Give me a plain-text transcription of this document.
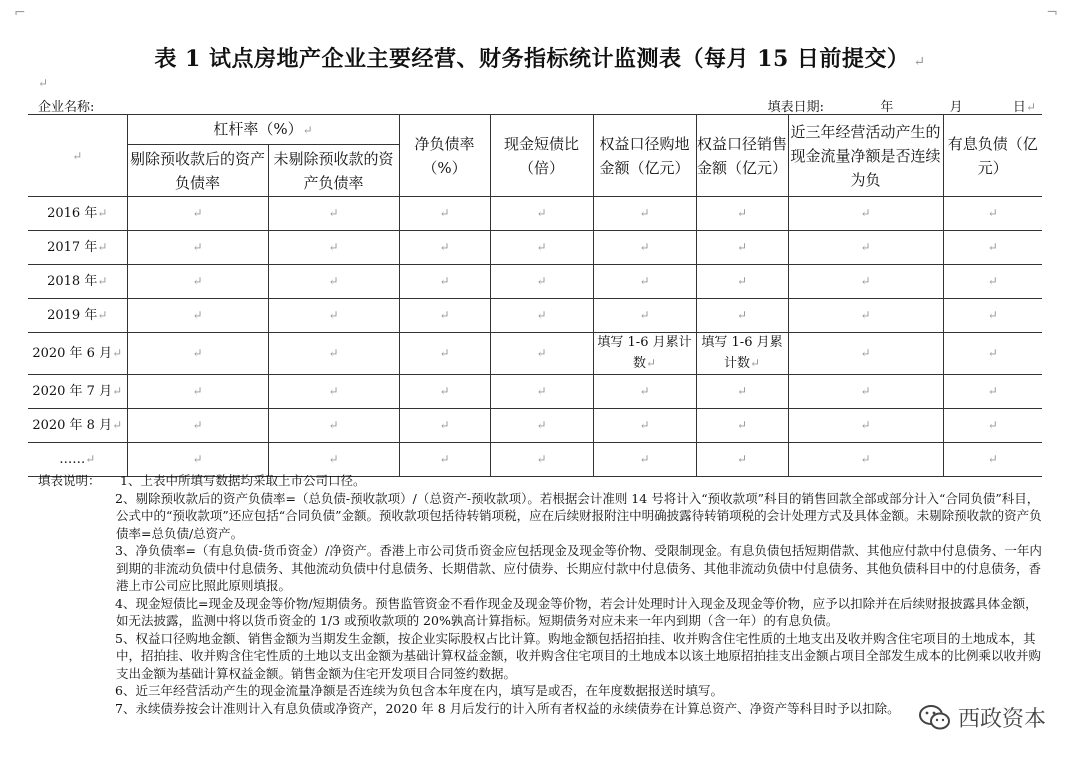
⌐	¬
表 1 试点房地产企业主要经营、财务指标统计监测表（每月 15 日前提交） ↵
↵
企业名称:	填表日期:	年	月	日↵
↵	杠杆率（%）↵		净负债率（%）	现金短债比（倍）	权益口径购地金额（亿元）	权益口径销售金额（亿元）	近三年经营活动产生的现金流量净额是否连续为负	有息负债（亿元）
	剔除预收款后的资产负债率	未剔除预收款的资产负债率						
2016 年↵	↵	↵	↵	↵	↵	↵	↵	↵
2017 年↵	↵	↵	↵	↵	↵	↵	↵	↵
2018 年↵	↵	↵	↵	↵	↵	↵	↵	↵
2019 年↵	↵	↵	↵	↵	↵	↵	↵	↵
2020 年 6 月↵	↵	↵	↵	↵	填写 1-6 月累计数↵	填写 1-6 月累计数↵	↵	↵
2020 年 7 月↵	↵	↵	↵	↵	↵	↵	↵	↵
2020 年 8 月↵	↵	↵	↵	↵	↵	↵	↵	↵
……↵	↵	↵	↵	↵	↵	↵	↵	↵
填表说明：	1、上表中所填写数据均采取上市公司口径。

2、剔除预收款后的资产负债率=（总负债-预收款项）/（总资产-预收款项）。若根据会计准则 14 号将计入“预收款项”科目的销售回款全部或部分计入“合同负债”科目，公式中的“预收款项”还应包括“合同负债”金额。预收款项包括待转销项税，应在后续财报附注中明确披露待转销项税的会计处理方式及具体金额。未剔除预收款的资产负债率=总负债/总资产。

3、净负债率=（有息负债-货币资金）/净资产。香港上市公司货币资金应包括现金及现金等价物、受限制现金。有息负债包括短期借款、其他应付款中付息债务、一年内到期的非流动负债中付息债务、其他流动负债中付息债务、长期借款、应付债券、长期应付款中付息债务、其他非流动负债中付息债务、其他负债科目中的付息债务，香港上市公司应比照此原则填报。

4、现金短债比=现金及现金等价物/短期债务。预售监管资金不看作现金及现金等价物，若会计处理时计入现金及现金等价物，应予以扣除并在后续财报披露具体金额，如无法披露，监测中将以货币资金的 1/3 或预收款项的 20%孰高计算指标。短期债务对应未来一年内到期（含一年）的有息负债。

5、权益口径购地金额、销售金额为当期发生金额，按企业实际股权占比计算。购地金额包括招拍挂、收并购含住宅性质的土地支出及收并购含住宅项目的土地成本，其中，招拍挂、收并购含住宅性质的土地以支出金额为基础计算权益金额，收并购含住宅项目的土地成本以该土地原招拍挂支出金额占项目全部发生成本的比例乘以收并购支出金额为基础计算权益金额。销售金额为住宅开发项目合同签约数据。

6、近三年经营活动产生的现金流量净额是否连续为负包含本年度在内，填写是或否，在年度数据报送时填写。

7、永续债券按会计准则计入有息负债或净资产，2020 年 8 月后发行的计入所有者权益的永续债券在计算总资产、净资产等科目时予以扣除。	西政资本
